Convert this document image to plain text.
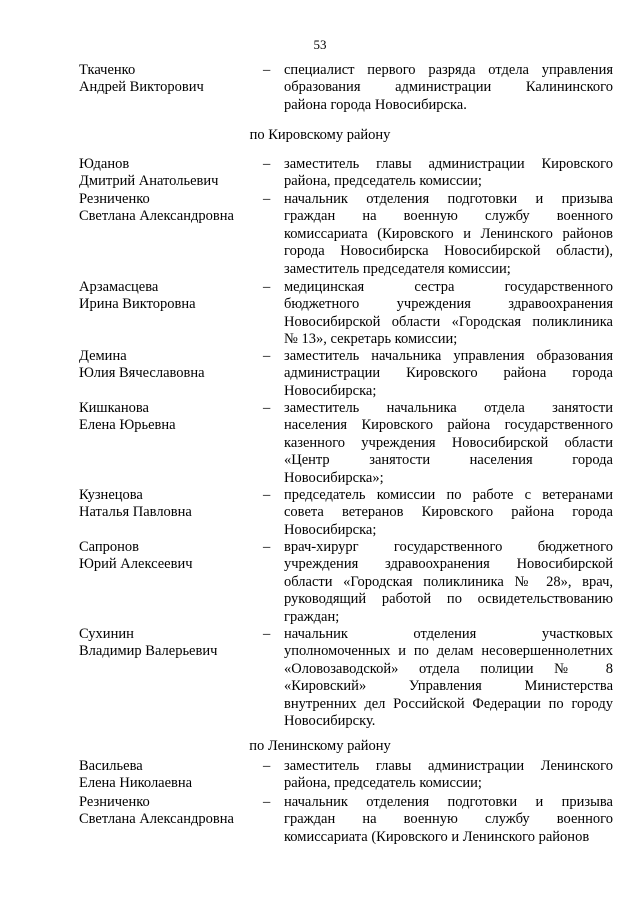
53
Ткаченко
Андрей Викторович
– специалист первого разряда отдела управления
образования администрации Калининского
района города Новосибирска.
Юданов
Дмитрий Анатольевич
– заместитель главы администрации Кировского
района, председатель комиссии;
Резниченко
Светлана Александровна
– начальник отделения подготовки и призыва
граждан на военную службу военного
комиссариата (Кировского и Ленинского районов
города Новосибирска Новосибирской области),
заместитель председателя комиссии;
Арзамасцева
Ирина Викторовна
– медицинская сестра государственного
бюджетного учреждения здравоохранения
Новосибирской области «Городская поликлиника
№ 13», секретарь комиссии;
Демина
Юлия Вячеславовна
– заместитель начальника управления образования
администрации Кировского района города
Новосибирска;
Кишканова
Елена Юрьевна
– заместитель начальника отдела занятости
населения Кировского района государственного
казенного учреждения Новосибирской области
«Центр занятости населения города
Новосибирска»;
Кузнецова
Наталья Павловна
– председатель комиссии по работе с ветеранами
совета ветеранов Кировского района города
Новосибирска;
Сапронов
Юрий Алексеевич
– врач-хирург государственного бюджетного
учреждения здравоохранения Новосибирской
области «Городская поликлиника № 28», врач,
руководящий работой по освидетельствованию
граждан;
Сухинин
Владимир Валерьевич
– начальник отделения участковых
уполномоченных и по делам несовершеннолетних
«Оловозаводской» отдела полиции № 8
«Кировский» Управления Министерства
внутренних дел Российской Федерации по городу
Новосибирску.
Васильева
Елена Николаевна
– заместитель главы администрации Ленинского
района, председатель комиссии;
Резниченко
Светлана Александровна
– начальник отделения подготовки и призыва
граждан на военную службу военного
комиссариата (Кировского и Ленинского районов
по Кировскому району
по Ленинскому району
